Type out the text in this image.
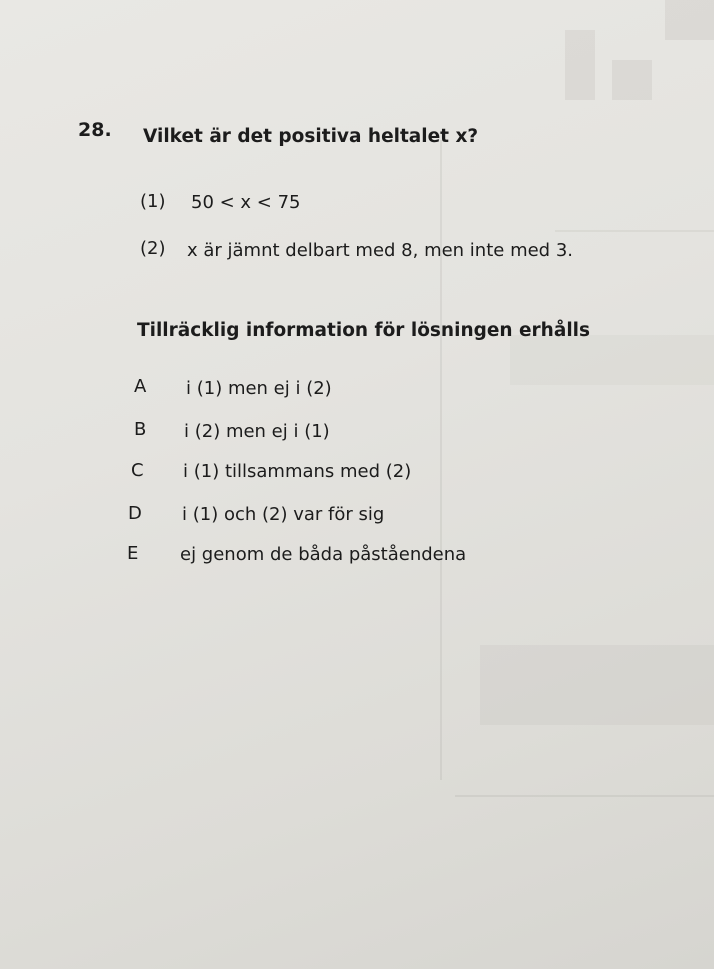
28. Vilket är det positiva heltalet x?
(1) 50 < x < 75
(2) x är jämnt delbart med 8, men inte med 3.
Tillräcklig information för lösningen erhålls
A i (1) men ej i (2)
B i (2) men ej i (1)
C i (1) tillsammans med (2)
D i (1) och (2) var för sig
E ej genom de båda påståendena
